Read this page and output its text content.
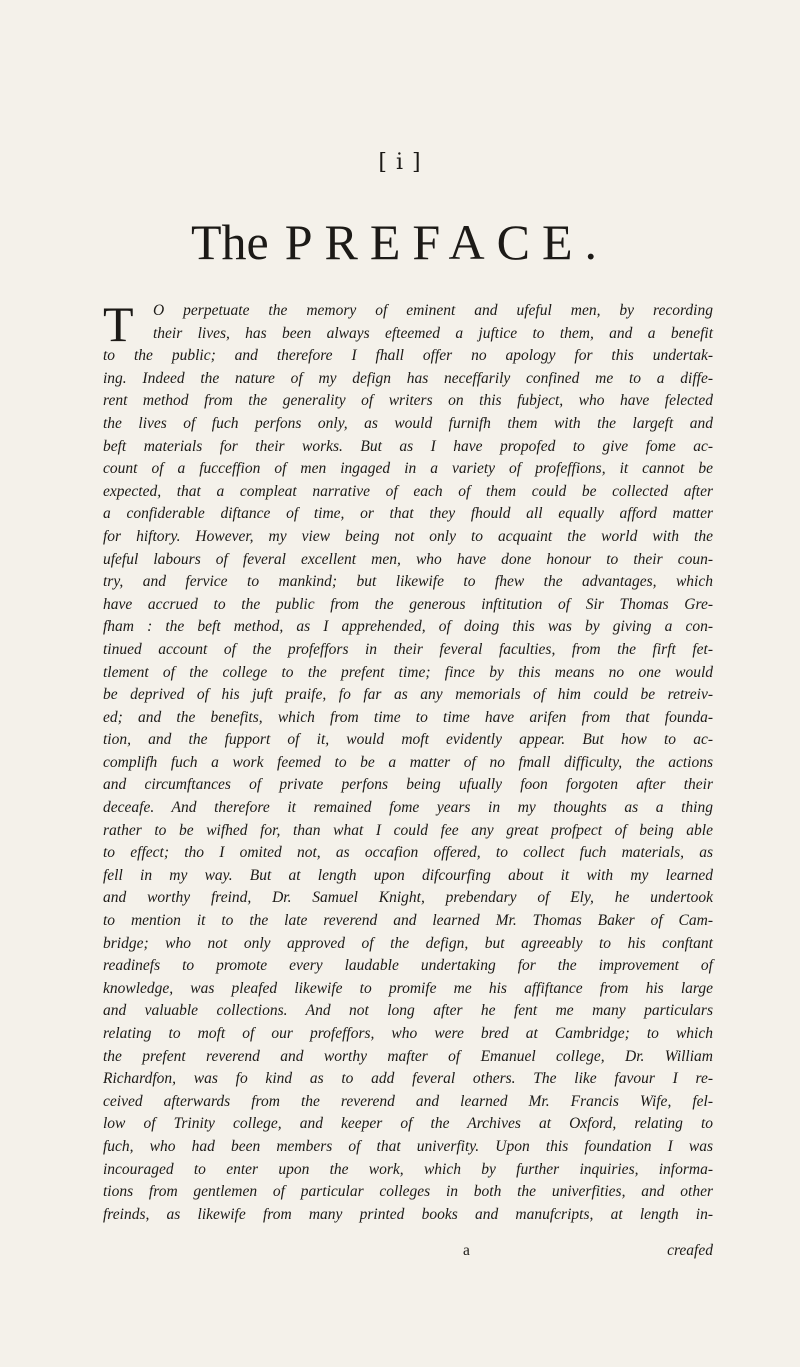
[ i ]
The PREFACE.
T	O perpetuate the memory of eminent and ufeful men, by recording
their lives, has been always efteemed a juftice to them, and a benefit
to the public; and therefore I fhall offer no apology for this undertak-
ing. Indeed the nature of my defign has neceffarily confined me to a diffe-
rent method from the generality of writers on this fubject, who have felected
the lives of fuch perfons only, as would furnifh them with the largeft and
beft materials for their works. But as I have propofed to give fome ac-
count of a fucceffion of men ingaged in a variety of profeffions, it cannot be
expected, that a compleat narrative of each of them could be collected after
a confiderable diftance of time, or that they fhould all equally afford matter
for hiftory. However, my view being not only to acquaint the world with the
ufeful labours of feveral excellent men, who have done honour to their coun-
try, and fervice to mankind; but likewife to fhew the advantages, which
have accrued to the public from the generous inftitution of Sir Thomas Gre-
fham : the beft method, as I apprehended, of doing this was by giving a con-
tinued account of the profeffors in their feveral faculties, from the firft fet-
tlement of the college to the prefent time; fince by this means no one would
be deprived of his juft praife, fo far as any memorials of him could be retreiv-
ed; and the benefits, which from time to time have arifen from that founda-
tion, and the fupport of it, would moft evidently appear. But how to ac-
complifh fuch a work feemed to be a matter of no fmall difficulty, the actions
and circumftances of private perfons being ufually foon forgoten after their
deceafe. And therefore it remained fome years in my thoughts as a thing
rather to be wifhed for, than what I could fee any great profpect of being able
to effect; tho I omited not, as occafion offered, to collect fuch materials, as
fell in my way. But at length upon difcourfing about it with my learned
and worthy freind, Dr. Samuel Knight, prebendary of Ely, he undertook
to mention it to the late reverend and learned Mr. Thomas Baker of Cam-
bridge; who not only approved of the defign, but agreeably to his conftant
readinefs to promote every laudable undertaking for the improvement of
knowledge, was pleafed likewife to promife me his affiftance from his large
and valuable collections. And not long after he fent me many particulars
relating to moft of our profeffors, who were bred at Cambridge; to which
the prefent reverend and worthy mafter of Emanuel college, Dr. William
Richardfon, was fo kind as to add feveral others. The like favour I re-
ceived afterwards from the reverend and learned Mr. Francis Wife, fel-
low of Trinity college, and keeper of the Archives at Oxford, relating to
fuch, who had been members of that univerfity. Upon this foundation I was
incouraged to enter upon the work, which by further inquiries, informa-
tions from gentlemen of particular colleges in both the univerfities, and other
freinds, as likewife from many printed books and manufcripts, at length in-
a	creafed
